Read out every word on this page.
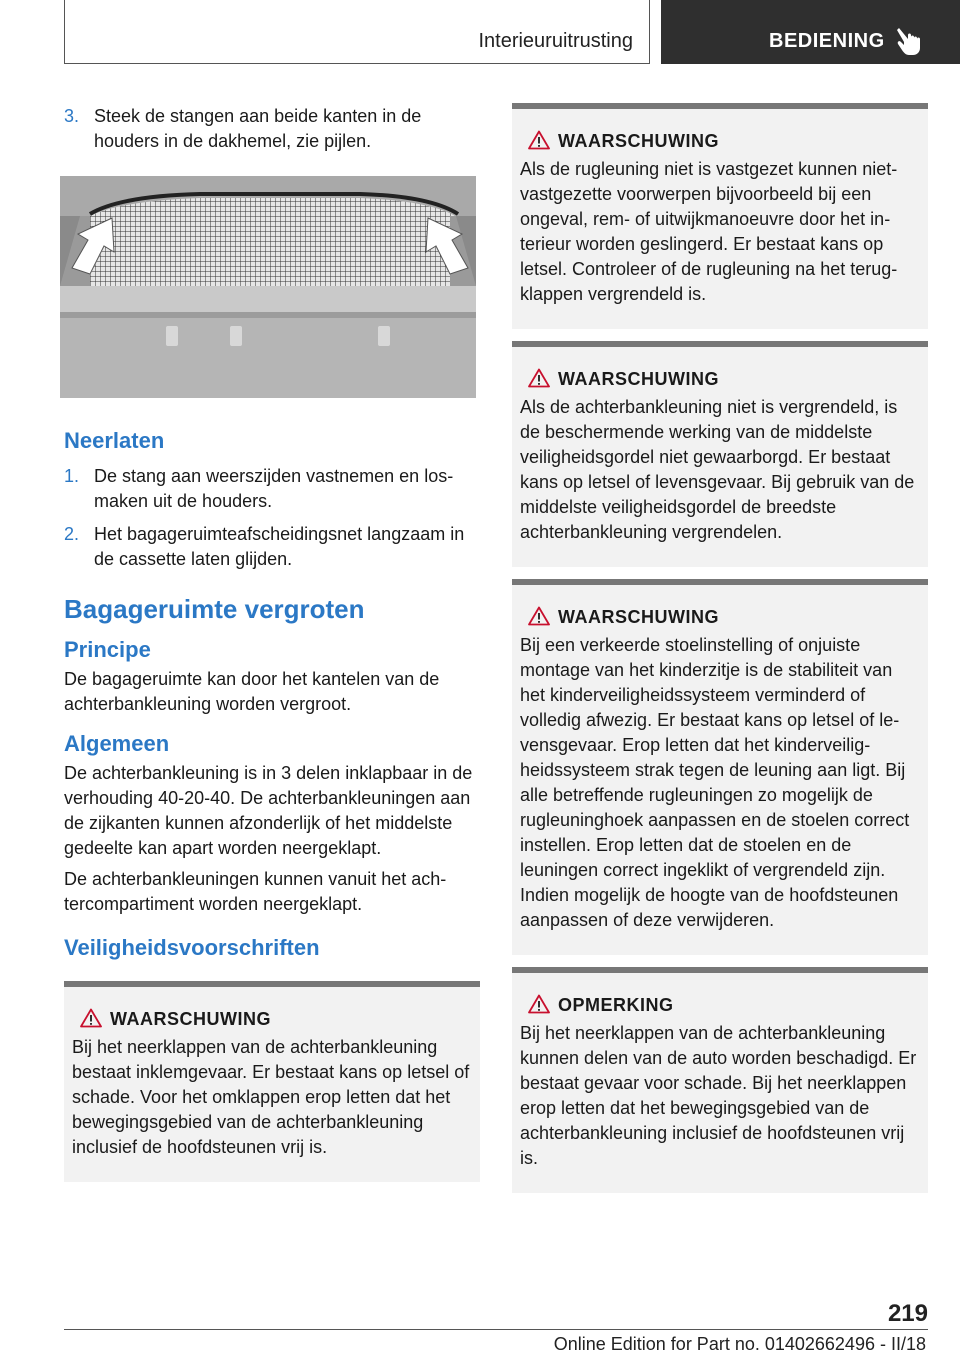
Interieuruitrusting	BEDIENING
3. Steek de stangen aan beide kanten in de houders in de dakhemel, zie pijlen.
Neerlaten
1. De stang aan weerszijden vastnemen en losmaken uit de houders.
2. Het bagageruimteafscheidingsnet langzaam in de cassette laten glijden.
Bagageruimte vergroten
Principe
De bagageruimte kan door het kantelen van de achterbankleuning worden vergroot.
Algemeen
De achterbankleuning is in 3 delen inklapbaar in de verhouding 40-20-40. De achterbankleuningen aan de zijkanten kunnen afzonderlijk of het middelste gedeelte kan apart worden neergeklapt.
De achterbankleuningen kunnen vanuit het achtercompartiment worden neergeklapt.
Veiligheidsvoorschriften
WAARSCHUWING
Bij het neerklappen van de achterbankleuning bestaat inklemgevaar. Er bestaat kans op letsel of schade. Voor het omklappen erop letten dat het bewegingsgebied van de achterbankleuning inclusief de hoofdsteunen vrij is.
WAARSCHUWING
Als de rugleuning niet is vastgezet kunnen niet-vastgezette voorwerpen bijvoorbeeld bij een ongeval, rem- of uitwijkmanoeuvre door het interieur worden geslingerd. Er bestaat kans op letsel. Controleer of de rugleuning na het terugklappen vergrendeld is.
WAARSCHUWING
Als de achterbankleuning niet is vergrendeld, is de beschermende werking van de middelste veiligheidsgordel niet gewaarborgd. Er bestaat kans op letsel of levensgevaar. Bij gebruik van de middelste veiligheidsgordel de breedste achterbankleuning vergrendelen.
WAARSCHUWING
Bij een verkeerde stoelinstelling of onjuiste montage van het kinderzitje is de stabiliteit van het kinderveiligheidssysteem verminderd of volledig afwezig. Er bestaat kans op letsel of levensgevaar. Erop letten dat het kinderveiligheidssysteem strak tegen de leuning aan ligt. Bij alle betreffende rugleuningen zo mogelijk de rugleuninghoek aanpassen en de stoelen correct instellen. Erop letten dat de stoelen en de leuningen correct ingeklikt of vergrendeld zijn. Indien mogelijk de hoogte van de hoofdsteunen aanpassen of deze verwijderen.
OPMERKING
Bij het neerklappen van de achterbankleuning kunnen delen van de auto worden beschadigd. Er bestaat gevaar voor schade. Bij het neerklappen erop letten dat het bewegingsgebied van de achterbankleuning inclusief de hoofdsteunen vrij is.
219
Online Edition for Part no. 01402662496 - II/18
